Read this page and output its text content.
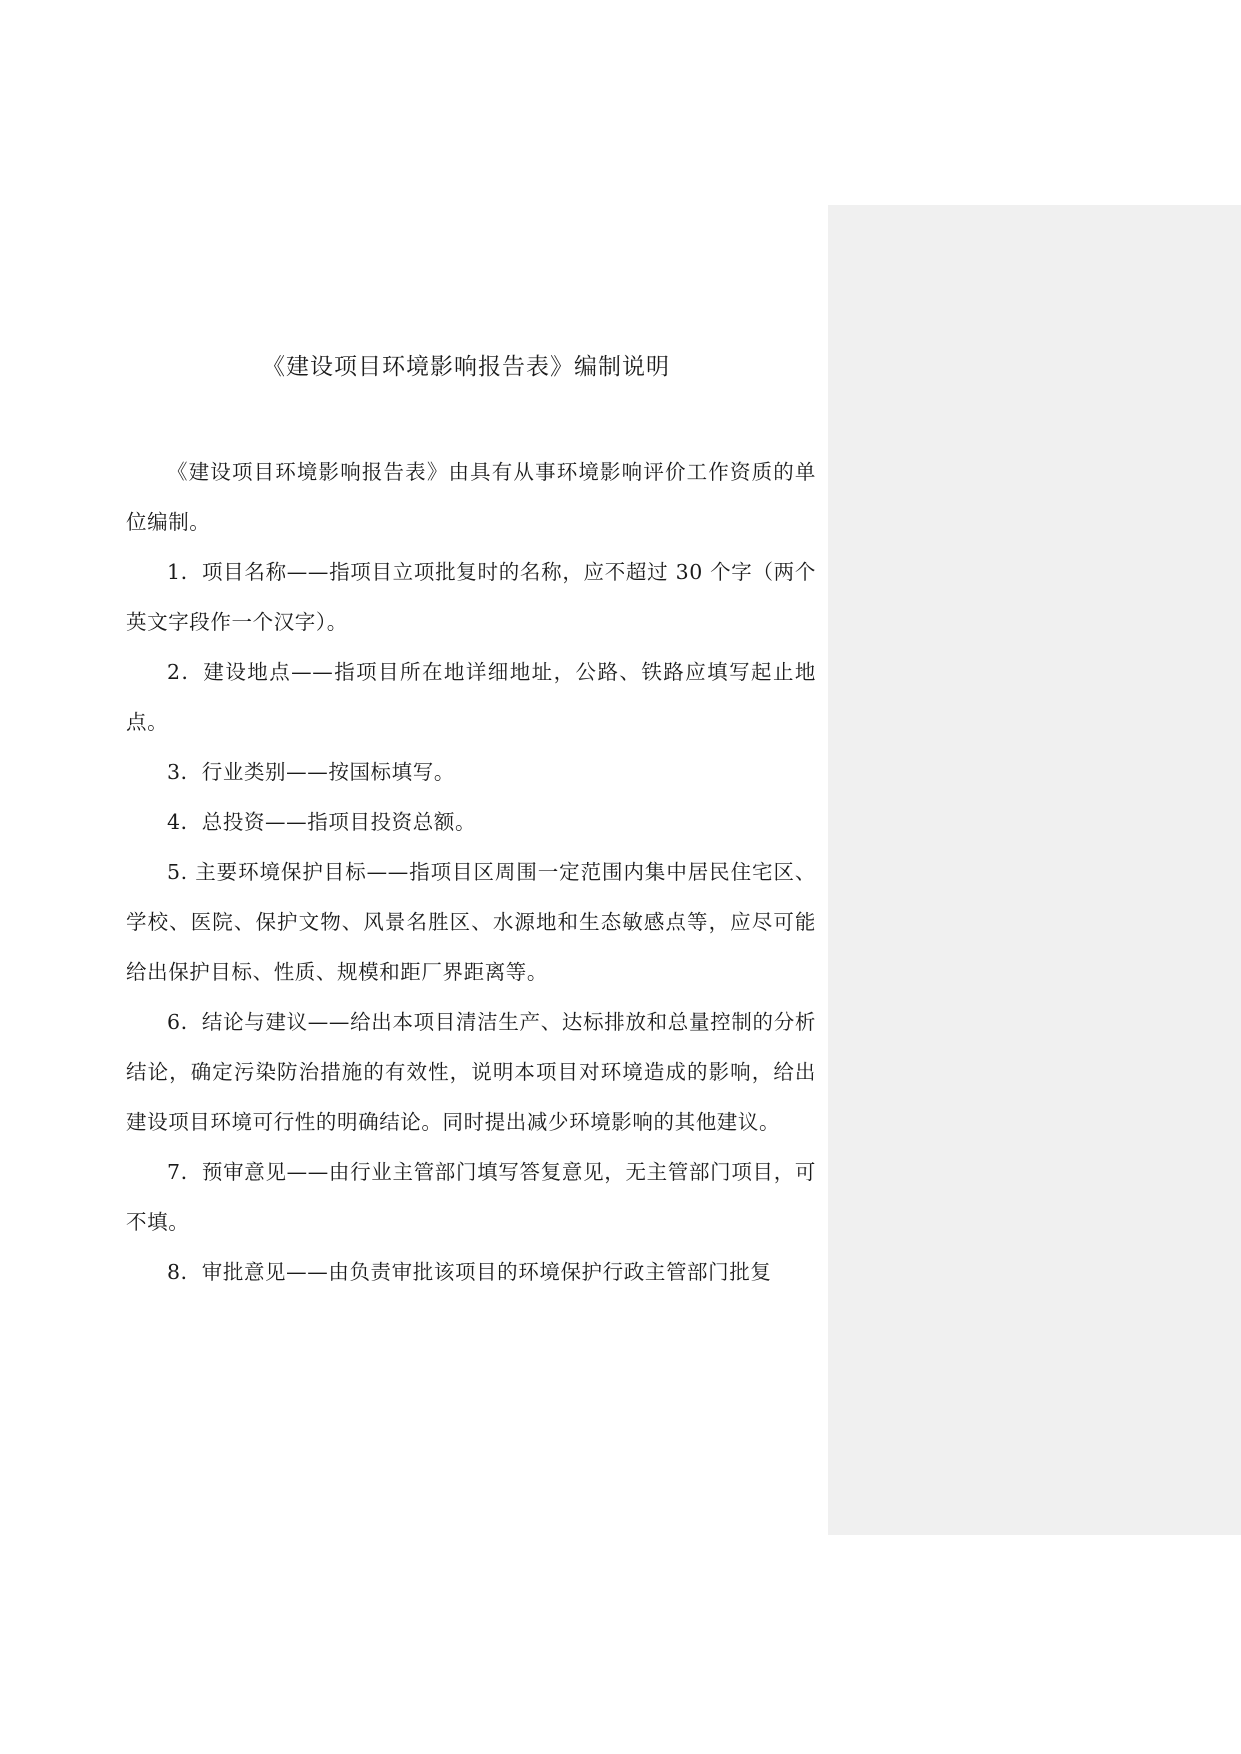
《建设项目环境影响报告表》编制说明

《建设项目环境影响报告表》由具有从事环境影响评价工作资质的单位编制。

1．项目名称——指项目立项批复时的名称，应不超过 30 个字（两个英文字段作一个汉字）。

2．建设地点——指项目所在地详细地址，公路、铁路应填写起止地点。

3．行业类别——按国标填写。

4．总投资——指项目投资总额。

5. 主要环境保护目标——指项目区周围一定范围内集中居民住宅区、学校、医院、保护文物、风景名胜区、水源地和生态敏感点等，应尽可能给出保护目标、性质、规模和距厂界距离等。

6．结论与建议——给出本项目清洁生产、达标排放和总量控制的分析结论，确定污染防治措施的有效性，说明本项目对环境造成的影响，给出建设项目环境可行性的明确结论。同时提出减少环境影响的其他建议。

7．预审意见——由行业主管部门填写答复意见，无主管部门项目，可不填。

8．审批意见——由负责审批该项目的环境保护行政主管部门批复
